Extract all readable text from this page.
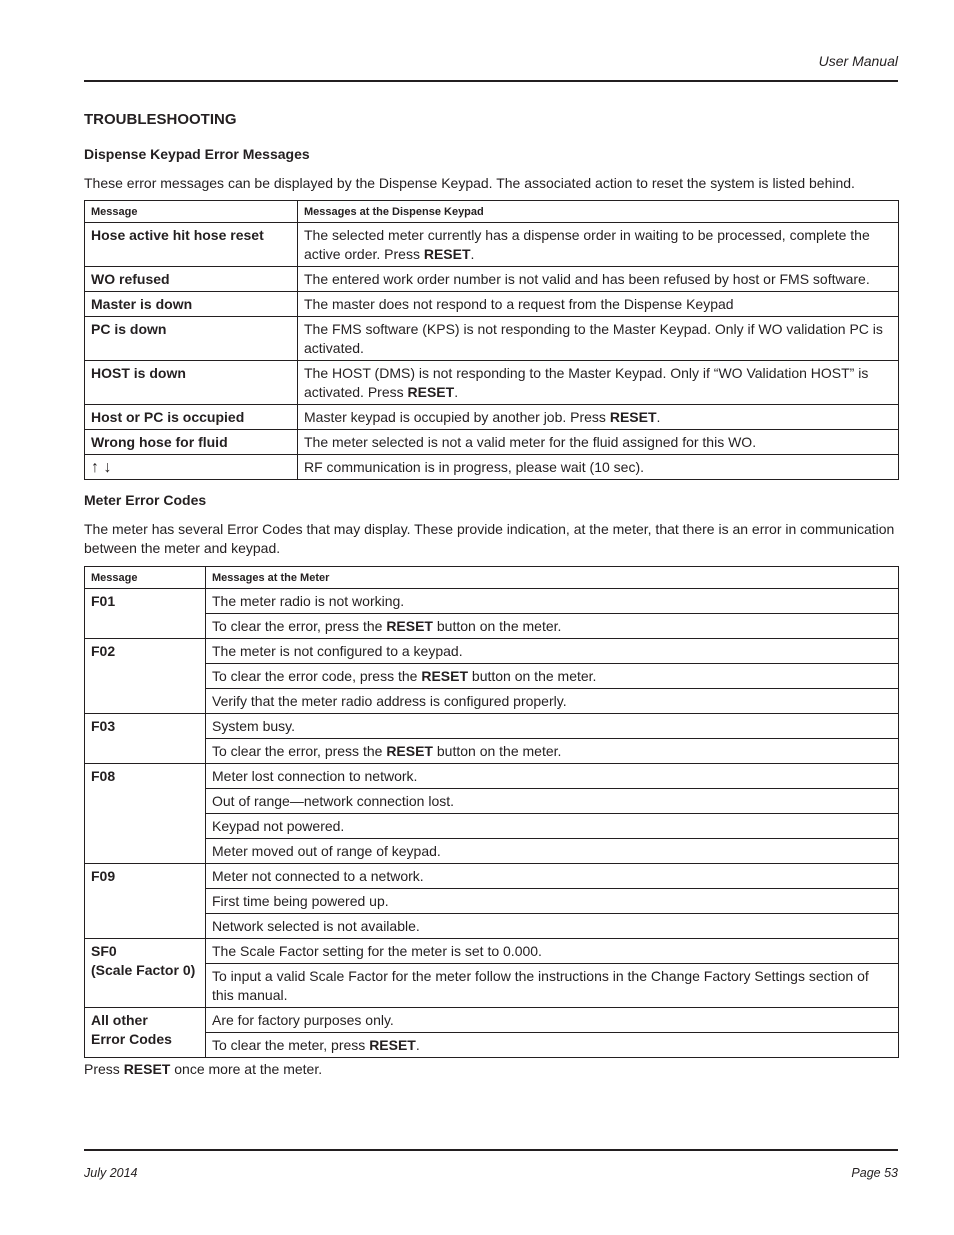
User Manual
TROUBLESHOOTING
Dispense Keypad Error Messages

These error messages can be displayed by the Dispense Keypad. The associated action to reset the system is listed behind.

Message	Messages at the Dispense Keypad
Hose active hit hose reset	The selected meter currently has a dispense order in waiting to be processed, complete the active order. Press RESET.
WO refused	The entered work order number is not valid and has been refused by host or FMS software.
Master is down	The master does not respond to a request from the Dispense Keypad
PC is down	The FMS software (KPS) is not responding to the Master Keypad. Only if WO validation PC is activated.
HOST is down	The HOST (DMS) is not responding to the Master Keypad. Only if “WO Validation HOST” is activated. Press RESET.
Host or PC is occupied	Master keypad is occupied by another job. Press RESET.
Wrong hose for fluid	The meter selected is not a valid meter for the fluid assigned for this WO.
↑ ↓	RF communication is in progress, please wait (10 sec).
Meter Error Codes

The meter has several Error Codes that may display. These provide indication, at the meter, that there is an error in communication between the meter and keypad.

Message	Messages at the Meter
F01	The meter radio is not working.
	To clear the error, press the RESET button on the meter.
F02	The meter is not configured to a keypad.
	To clear the error code, press the RESET button on the meter.
	Verify that the meter radio address is configured properly.
F03	System busy.
	To clear the error, press the RESET button on the meter.
F08	Meter lost connection to network.
	Out of range—network connection lost.
	Keypad not powered.
	Meter moved out of range of keypad.
F09	Meter not connected to a network.
	First time being powered up.
	Network selected is not available.
SF0
(Scale Factor 0)	The Scale Factor setting for the meter is set to 0.000.
	To input a valid Scale Factor for the meter follow the instructions in the Change Factory Settings section of this manual.
All other
Error Codes	Are for factory purposes only.
	To clear the meter, press RESET.

Press RESET once more at the meter.

July 2014	Page 53
